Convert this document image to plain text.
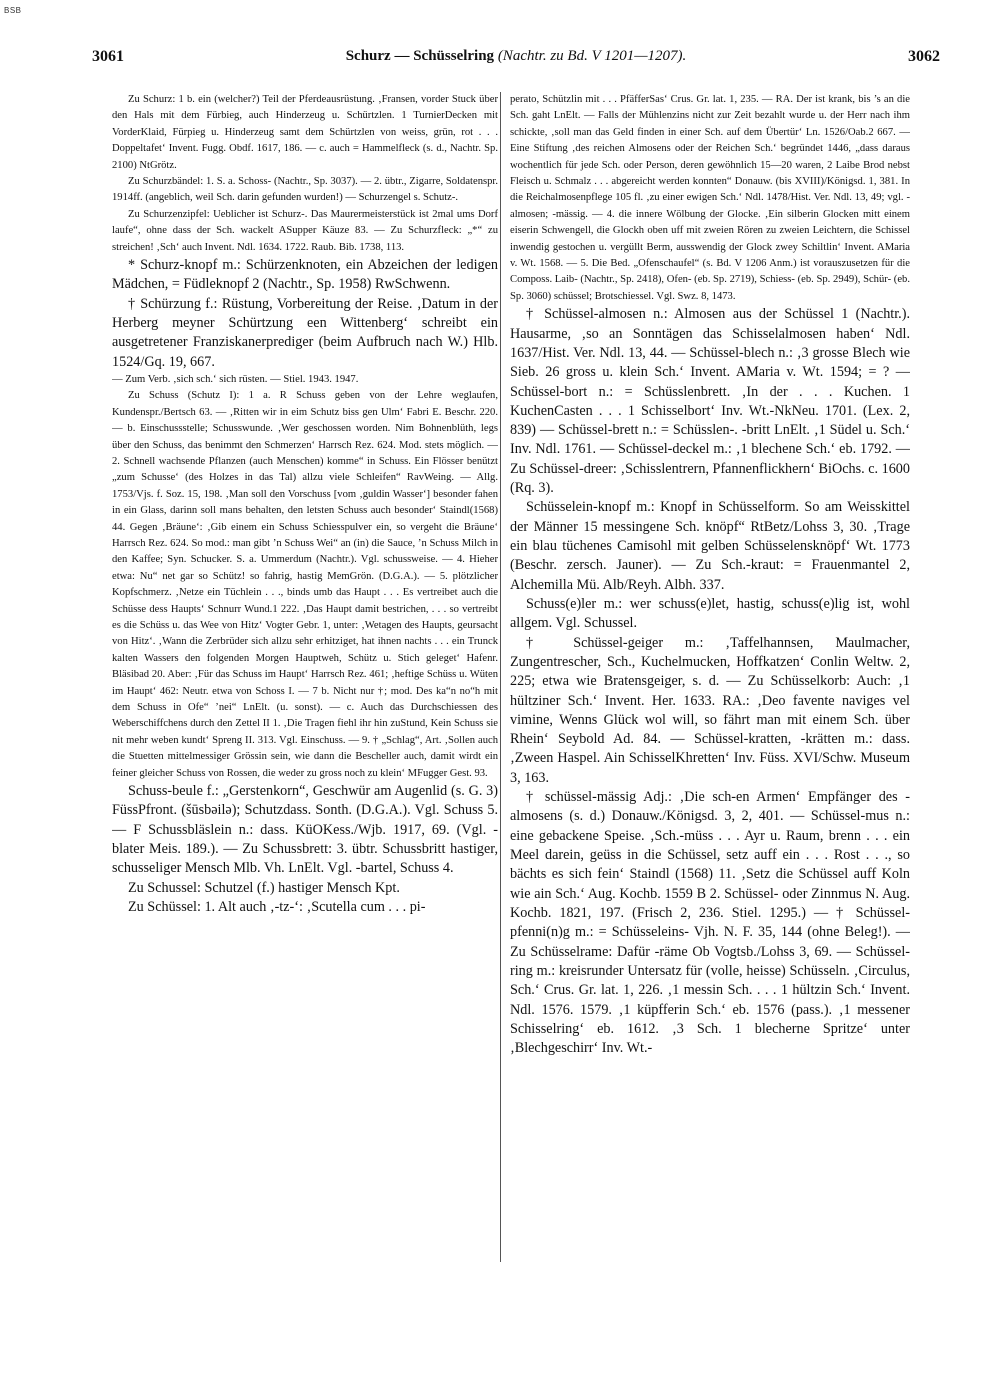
BSB
3061	Schurz — Schüsselring (Nachtr. zu Bd. V 1201—1207).	3062

Zu Schurz: 1 b. ein (welcher?) Teil der Pferdeausrüstung. ‚Fransen, vorder Stuck über den Hals mit dem Fürbieg, auch Hinderzeug u. Schürtzlen. 1 TurnierDecken mit VorderKlaid, Fürpieg u. Hinderzeug samt dem Schürtzlen von weiss, grün, rot . . . Doppeltafet‘ Invent. Fugg. Obdf. 1617, 186. — c. auch = Hammelfleck (s. d., Nachtr. Sp. 2100) NtGrötz.

Zu Schurzbändel: 1. S. a. Schoss- (Nachtr., Sp. 3037). — 2. übtr., Zigarre, Soldatenspr. 1914ff. (angeblich, weil Sch. darin gefunden wurden!) — Schurzengel s. Schutz-.

Zu Schurzenzipfel: Ueblicher ist Schurz-. Das Maurermeisterstück ist 2mal ums Dorf laufe“, ohne dass der Sch. wackelt ASupper Käuze 83. — Zu Schurzfleck: „*“ zu streichen! ‚Sch‘ auch Invent. Ndl. 1634. 1722. Raub. Bib. 1738, 113.

* Schurz-knopf m.: Schürzenknoten, ein Abzeichen der ledigen Mädchen, = Füdleknopf 2 (Nachtr., Sp. 1958) RwSchwenn.

† Schürzung f.: Rüstung, Vorbereitung der Reise. ‚Datum in der Herberg meyner Schürtzung een Wittenberg‘ schreibt ein ausgetretener Franziskanerprediger (beim Aufbruch nach W.) Hlb. 1524/Gq. 19, 667.

— Zum Verb. ‚sich sch.‘ sich rüsten. — Stiel. 1943. 1947.

Zu Schuss (Schutz I): 1 a. R Schuss geben von der Lehre weglaufen, Kundenspr./Bertsch 63. — ‚Ritten wir in eim Schutz biss gen Ulm‘ Fabri E. Beschr. 220. — b. Einschussstelle; Schusswunde. ‚Wer geschossen worden. Nim Bohnenblüth, legs über den Schuss, das benimmt den Schmerzen‘ Harrsch Rez. 624. Mod. stets möglich. — 2. Schnell wachsende Pflanzen (auch Menschen) komme“ in Schuss. Ein Flösser benützt „zum Schusse‘ (des Holzes in das Tal) allzu viele Schleifen“ RavWeing. — Allg. 1753/Vjs. f. Soz. 15, 198. ‚Man soll den Vorschuss [vom ‚guldin Wasser‘] besonder fahen in ein Glass, darinn soll mans behalten, den letsten Schuss auch besonder‘ Staindl(1568) 44. Gegen ‚Bräune‘: ‚Gib einem ein Schuss Schiesspulver ein, so vergeht die Bräune‘ Harrsch Rez. 624. So mod.: man gibt ’n Schuss Wei“ an (in) die Sauce, ’n Schuss Milch in den Kaffee; Syn. Schucker. S. a. Ummerdum (Nachtr.). Vgl. schussweise. — 4. Hieher etwa: Nu“ net gar so Schütz! so fahrig, hastig MemGrön. (D.G.A.). — 5. plötzlicher Kopfschmerz. ‚Netze ein Tüchlein . . ., binds umb das Haupt . . . Es vertreibet auch die Schüsse dess Haupts‘ Schnurr Wund.1 222. ‚Das Haupt damit bestrichen, . . . so vertreibt es die Schüss u. das Wee von Hitz‘ Vogter Gebr. 1, unter: ‚Wetagen des Haupts, geursacht von Hitz‘. ‚Wann die Zerbrüder sich allzu sehr erhitziget, hat ihnen nachts . . . ein Trunck kalten Wassers den folgenden Morgen Hauptweh, Schütz u. Stich geleget‘ Hafenr. Bläsibad 20. Aber: ‚Für das Schuss im Haupt‘ Harrsch Rez. 461; ‚heftige Schüss u. Wüten im Haupt‘ 462: Neutr. etwa von Schoss I. — 7 b. Nicht nur †; mod. Des ka“n no“h mit dem Schuss in Ofe“ ’nei“ LnElt. (u. sonst). — c. Auch das Durchschiessen des Weberschiffchens durch den Zettel II 1. ‚Die Tragen fiehl ihr hin zuStund, Kein Schuss sie nit mehr weben kundt‘ Spreng II. 313. Vgl. Einschuss. — 9. † „Schlag“, Art. ‚Sollen auch die Stuetten mittelmessiger Grössin sein, wie dann die Bescheller auch, damit wirdt ein feiner gleicher Schuss von Rossen, die weder zu gross noch zu klein‘ MFugger Gest. 93.

Schuss-beule f.: „Gerstenkorn“, Geschwür am Augenlid (s. G. 3) FüssPfront. (šūsbəilə); Schutzdass. Sonth. (D.G.A.). Vgl. Schuss 5. — F Schussbläslein n.: dass. KüOKess./Wjb. 1917, 69. (Vgl. -blater Meis. 189.). — Zu Schussbrett: 3. übtr. Schussbritt hastiger, schusseliger Mensch Mlb. Vh. LnElt. Vgl. -bartel, Schuss 4.

Zu Schussel: Schutzel (f.) hastiger Mensch Kpt.

Zu Schüssel: 1. Alt auch ‚-tz-‘: ‚Scutella cum . . . pi-

perato, Schützlin mit . . . PfäfferSas‘ Crus. Gr. lat. 1, 235. — RA. Der ist krank, bis ’s an die Sch. gaht LnElt. — Falls der Mühlenzins nicht zur Zeit bezahlt wurde u. der Herr nach ihm schickte, ‚soll man das Geld finden in einer Sch. auf dem Übertür‘ Ln. 1526/Oab.2 667. — Eine Stiftung ‚des reichen Almosens oder der Reichen Sch.‘ begründet 1446, „dass daraus wochentlich für jede Sch. oder Person, deren gewöhnlich 15—20 waren, 2 Laibe Brod nebst Fleisch u. Schmalz . . . abgereicht werden konnten“ Donauw. (bis XVIII)/Königsd. 1, 381. In die Reichalmosenpflege 105 fl. ‚zu einer ewigen Sch.‘ Ndl. 1478/Hist. Ver. Ndl. 13, 49; vgl. -almosen; -mässig. — 4. die innere Wölbung der Glocke. ‚Ein silberin Glocken mitt einem eiserin Schwengell, die Glockh oben uff mit zweien Rören zu zweien Leichtern, die Schissel inwendig gestochen u. vergüllt Berm, ausswendig der Glock zwey Schiltlin‘ Invent. AMaria v. Wt. 1568. — 5. Die Bed. „Ofenschaufel“ (s. Bd. V 1206 Anm.) ist vorauszusetzen für die Composs. Laib- (Nachtr., Sp. 2418), Ofen- (eb. Sp. 2719), Schiess- (eb. Sp. 2949), Schür- (eb. Sp. 3060) schüssel; Brotschiessel. Vgl. Swz. 8, 1473.

† Schüssel-almosen n.: Almosen aus der Schüssel 1 (Nachtr.). Hausarme, ‚so an Sonntägen das Schisselalmosen haben‘ Ndl. 1637/Hist. Ver. Ndl. 13, 44. — Schüssel-blech n.: ‚3 grosse Blech wie Sieb. 26 gross u. klein Sch.‘ Invent. AMaria v. Wt. 1594; = ? — Schüssel-bort n.: = Schüsslenbrett. ‚In der . . . Kuchen. 1 KuchenCasten . . . 1 Schisselbort‘ Inv. Wt.-NkNeu. 1701. (Lex. 2, 839) — Schüssel-brett n.: = Schüsslen-. -britt LnElt. ‚1 Südel u. Sch.‘ Inv. Ndl. 1761. — Schüssel-deckel m.: ‚1 blechene Sch.‘ eb. 1792. — Zu Schüssel-dreer: ‚Schisslentrern, Pfannenflickhern‘ BiOchs. c. 1600 (Rq. 3).

Schüsselein-knopf m.: Knopf in Schüsselform. So am Weisskittel der Männer 15 messingene Sch. knöpf“ RtBetz/Lohss 3, 30. ‚Trage ein blau tüchenes Camisohl mit gelben Schüsselensknöpf‘ Wt. 1773 (Beschr. zersch. Jauner). — Zu Sch.-kraut: = Frauenmantel 2, Alchemilla Mü. Alb/Reyh. Albh. 337.

Schuss(e)ler m.: wer schuss(e)let, hastig, schuss(e)lig ist, wohl allgem. Vgl. Schussel.

† Schüssel-geiger m.: ‚Taffelhannsen, Maulmacher, Zungentrescher, Sch., Kuchelmucken, Hoffkatzen‘ Conlin Weltw. 2, 225; etwa wie Bratensgeiger, s. d. — Zu Schüsselkorb: Auch: ‚1 hültziner Sch.‘ Invent. Her. 1633. RA.: ‚Deo favente naviges vel vimine, Wenns Glück wol will, so fährt man mit einem Sch. über Rhein‘ Seybold Ad. 84. — Schüssel-kratten, -krätten m.: dass. ‚Zween Haspel. Ain SchisselKhretten‘ Inv. Füss. XVI/Schw. Museum 3, 163.

† schüssel-mässig Adj.: ‚Die sch-en Armen‘ Empfänger des -almosens (s. d.) Donauw./Königsd. 3, 2, 401. — Schüssel-mus n.: eine gebackene Speise. ‚Sch.-müss . . . Ayr u. Raum, brenn . . . ein Meel darein, geüss in die Schüssel, setz auff ein . . . Rost . . ., so bächts es sich fein‘ Staindl (1568) 11. ‚Setz die Schüssel auff Koln wie ain Sch.‘ Aug. Kochb. 1559 B 2. Schüssel- oder Zinnmus N. Aug. Kochb. 1821, 197. (Frisch 2, 236. Stiel. 1295.) — † Schüssel-pfenni(n)g m.: = Schüsseleins- Vjh. N. F. 35, 144 (ohne Beleg!). — Zu Schüsselrame: Dafür -räme Ob Vogtsb./Lohss 3, 69. — Schüssel-ring m.: kreisrunder Untersatz für (volle, heisse) Schüsseln. ‚Circulus, Sch.‘ Crus. Gr. lat. 1, 226. ‚1 messin Sch. . . . 1 hültzin Sch.‘ Invent. Ndl. 1576. 1579. ‚1 küpfferin Sch.‘ eb. 1576 (pass.). ‚1 messener Schisselring‘ eb. 1612. ‚3 Sch. 1 blecherne Spritze‘ unter ‚Blechgeschirr‘ Inv. Wt.-
